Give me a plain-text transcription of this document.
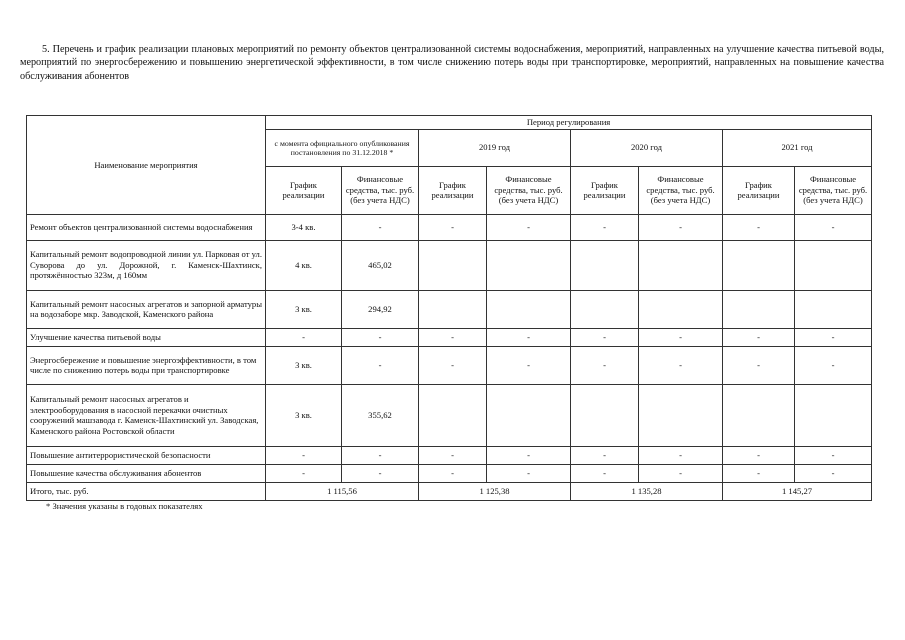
5. Перечень и график реализации плановых мероприятий по ремонту объектов централизованной системы водоснабжения, мероприятий, направленных на улучшение качества питьевой воды, мероприятий по энергосбережению и повышению энергетической эффективности, в том числе снижению потерь воды при транспортировке, мероприятий, направленных на повышение качества обслуживания абонентов
Наименование мероприятия	Период регулирования							
	с момента официального опубликования постановления по 31.12.2018 *		2019 год		2020 год		2021 год	
	График реализации	Финансовые средства, тыс. руб. (без учета НДС)	График реализации	Финансовые средства, тыс. руб. (без учета НДС)	График реализации	Финансовые средства, тыс. руб. (без учета НДС)	График реализации	Финансовые средства, тыс. руб. (без учета НДС)
Ремонт объектов централизованной системы водоснабжения	3-4 кв.	-	-	-	-	-	-	-
Капитальный ремонт водопроводной линии ул. Парковая от ул. Суворова до ул. Дорожной, г. Каменск-Шахтинск, протяжённостью 323м, д 160мм	4 кв.	465,02						
Капитальный ремонт насосных агрегатов и запорной арматуры на водозаборе мкр. Заводской, Каменского района	3 кв.	294,92						
Улучшение качества питьевой воды	-	-	-	-	-	-	-	-
Энергосбережение и повышение энергоэффективности, в том числе по снижению потерь воды при транспортировке	3 кв.	-	-	-	-	-	-	-
Капитальный ремонт насосных агрегатов и электрооборудования в насосной перекачки очистных сооружений машзавода г. Каменск-Шахтинский ул. Заводская, Каменского района Ростовской области	3 кв.	355,62						
Повышение антитеррористической безопасности	-	-	-	-	-	-	-	-
Повышение качества обслуживания абонентов	-	-	-	-	-	-	-	-
Итого, тыс. руб.	1 115,56		1 125,38		1 135,28		1 145,27	
* Значения указаны в годовых показателях
